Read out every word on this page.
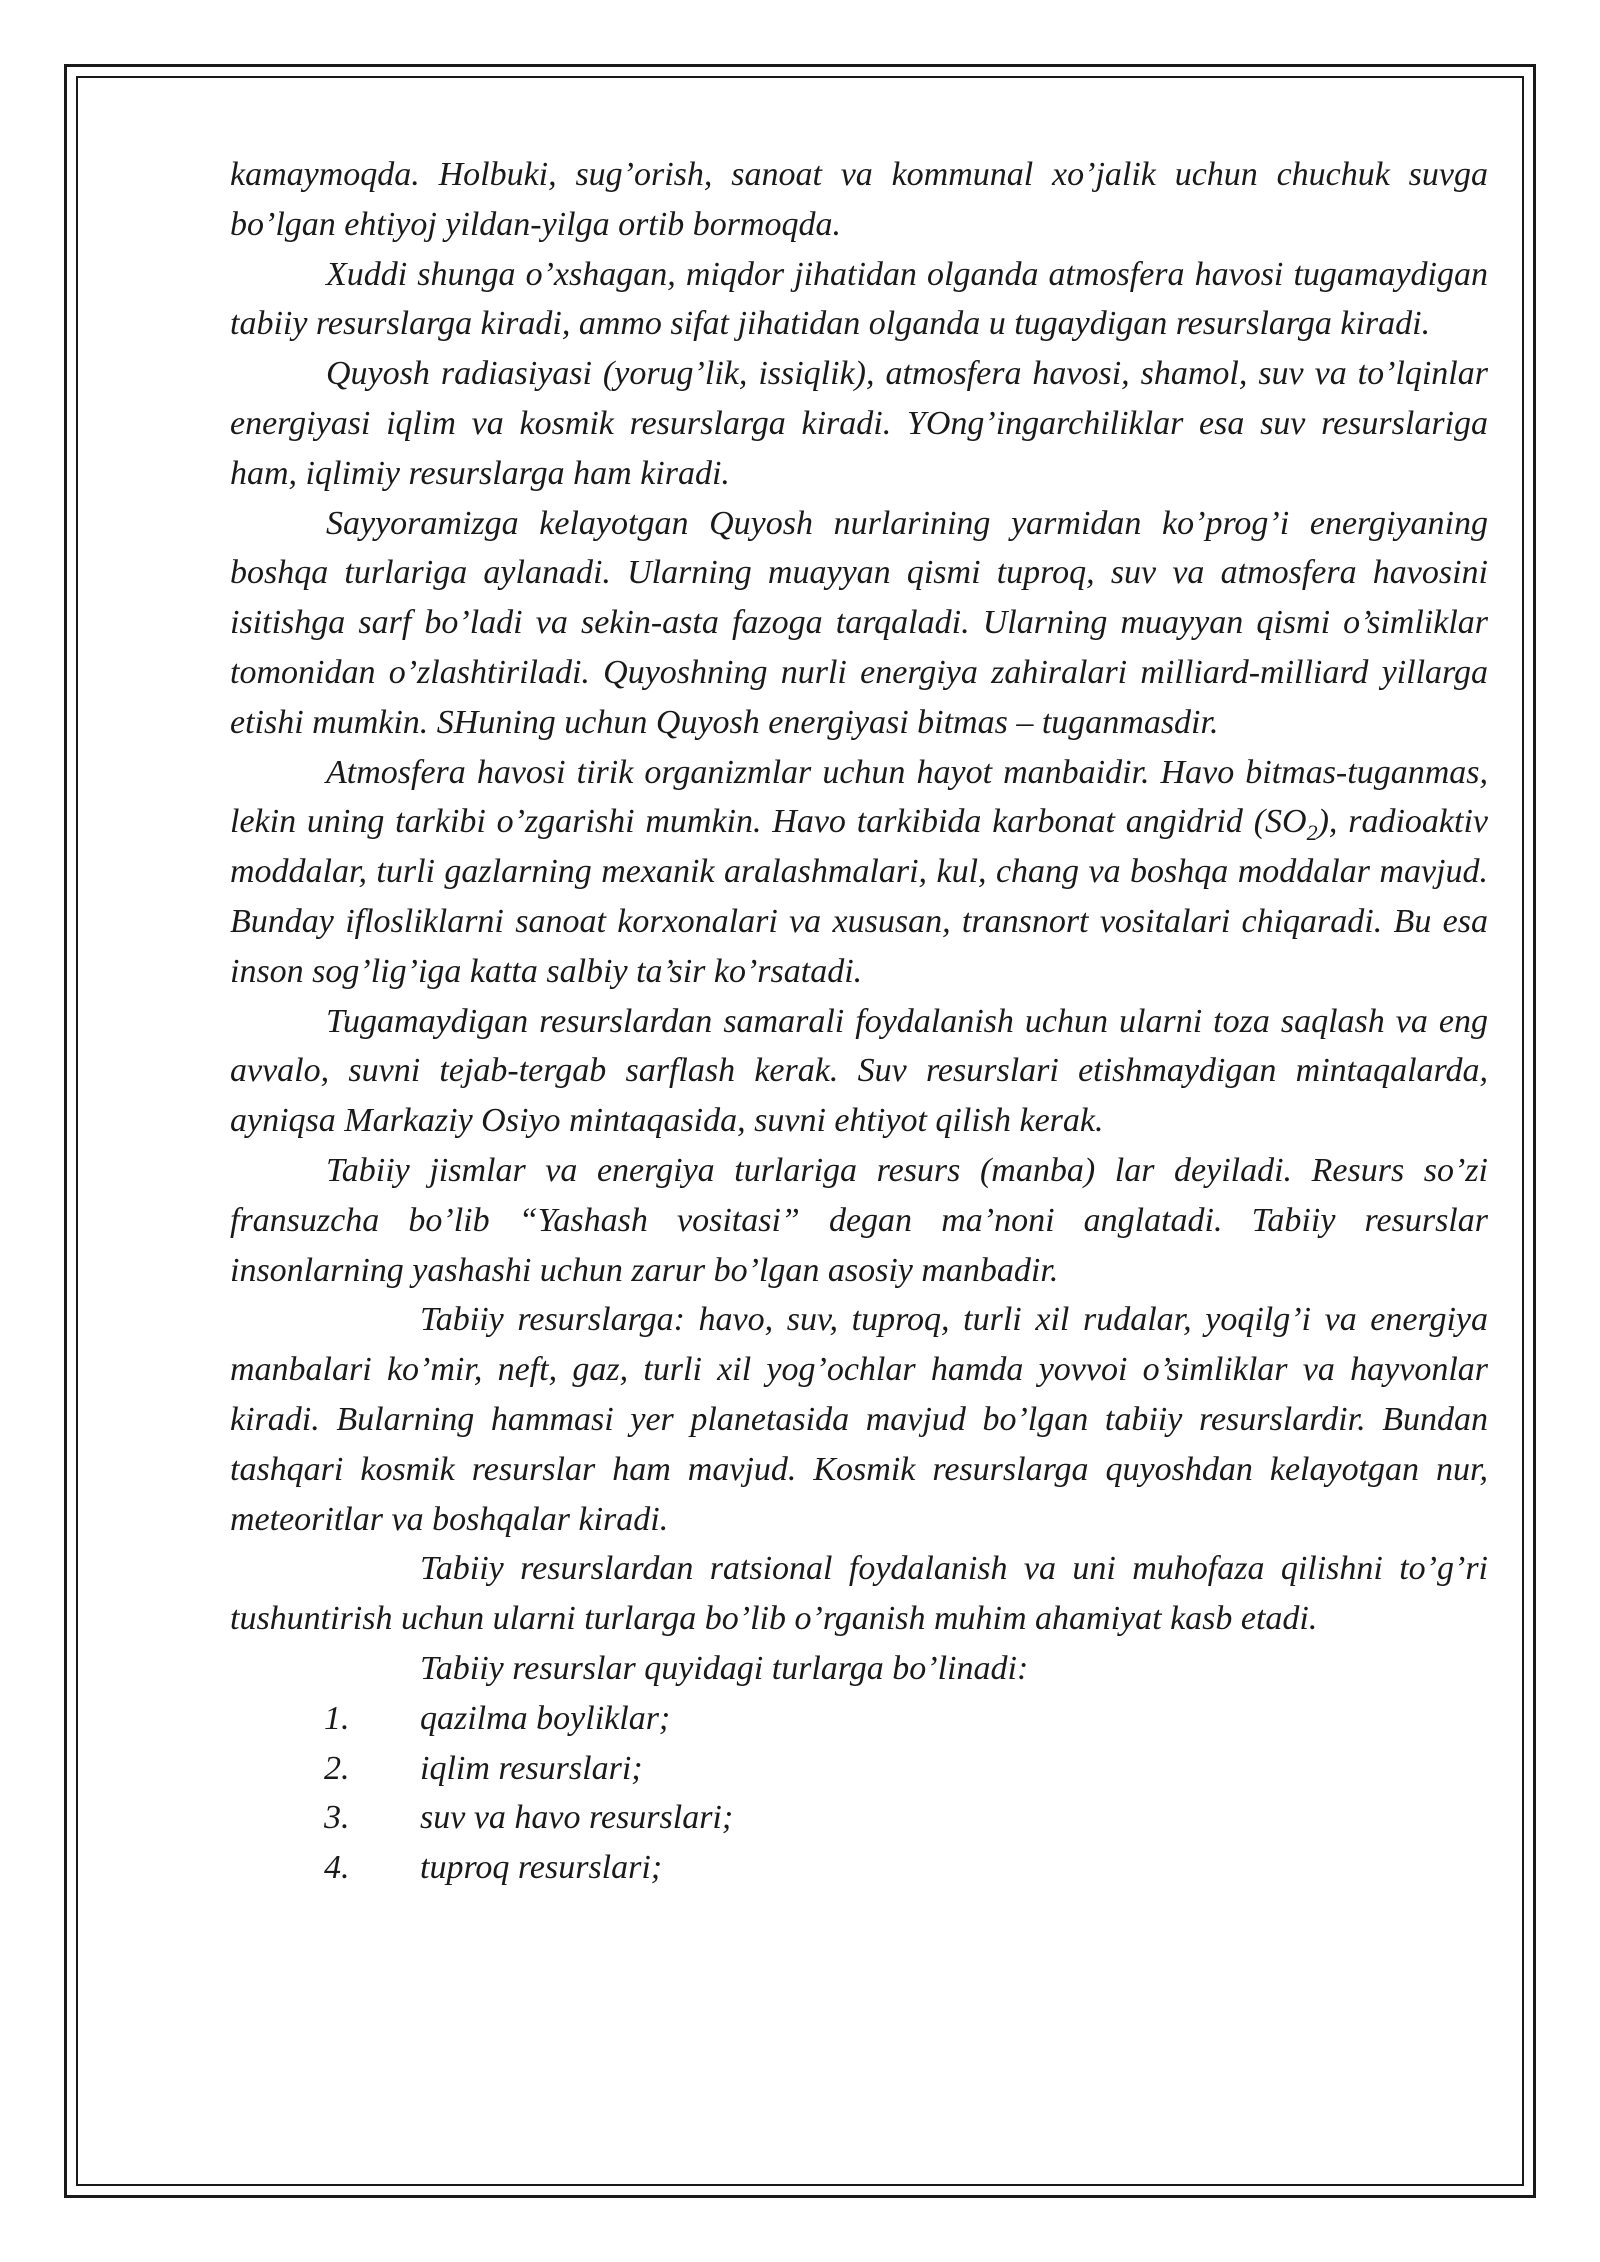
kamaymoqda. Holbuki, sug’orish, sanoat va kommunal xo’jalik uchun chuchuk suvga bo’lgan ehtiyoj yildan-yilga ortib bormoqda.

Xuddi shunga o’xshagan, miqdor jihatidan olganda atmosfera havosi tugamaydigan tabiiy resurslarga kiradi, ammo sifat jihatidan olganda u tugaydigan resurslarga kiradi.

Quyosh radiasiyasi (yorug’lik, issiqlik), atmosfera havosi, shamol, suv va to’lqinlar energiyasi iqlim va kosmik resurslarga kiradi. YOng’ingarchiliklar esa suv resurslariga ham, iqlimiy resurslarga ham kiradi.

Sayyoramizga kelayotgan Quyosh nurlarining yarmidan ko’prog’i energiyaning boshqa turlariga aylanadi. Ularning muayyan qismi tuproq, suv va atmosfera havosini isitishga sarf bo’ladi va sekin-asta fazoga tarqaladi. Ularning muayyan qismi o’simliklar tomonidan o’zlashtiriladi. Quyoshning nurli energiya zahiralari milliard-milliard yillarga etishi mumkin. SHuning uchun Quyosh energiyasi bitmas – tuganmasdir.

Atmosfera havosi tirik organizmlar uchun hayot manbaidir. Havo bitmas-tuganmas, lekin uning tarkibi o’zgarishi mumkin. Havo tarkibida karbonat angidrid $(SO_2)$, radioaktiv moddalar, turli gazlarning mexanik aralashmalari, kul, chang va boshqa moddalar mavjud. Bunday iflosliklarni sanoat korxonalari va xususan, transnort vositalari chiqaradi. Bu esa inson sog’lig’iga katta salbiy ta’sir ko’rsatadi.

Tugamaydigan resurslardan samarali foydalanish uchun ularni toza saqlash va eng avvalo, suvni tejab-tergab sarflash kerak. Suv resurslari etishmaydigan mintaqalarda, ayniqsa Markaziy Osiyo mintaqasida, suvni ehtiyot qilish kerak.

Tabiiy jismlar va energiya turlariga resurs (manba) lar deyiladi. Resurs so’zi fransuzcha bo’lib “Yashash vositasi” degan ma’noni anglatadi. Tabiiy resurslar insonlarning yashashi uchun zarur bo’lgan asosiy manbadir.

Tabiiy resurslarga: havo, suv, tuproq, turli xil rudalar, yoqilg’i va energiya manbalari ko’mir, neft, gaz, turli xil yog’ochlar hamda yovvoi o’simliklar va hayvonlar kiradi. Bularning hammasi yer planetasida mavjud bo’lgan tabiiy resurslardir. Bundan tashqari kosmik resurslar ham mavjud. Kosmik resurslarga quyoshdan kelayotgan nur, meteoritlar va boshqalar kiradi.

Tabiiy resurslardan ratsional foydalanish va uni muhofaza qilishni to’g’ri tushuntirish uchun ularni turlarga bo’lib o’rganish muhim ahamiyat kasb etadi.

Tabiiy resurslar quyidagi turlarga bo’linadi:

1.	qazilma boyliklar;
2.	iqlim resurslari;
3.	suv va havo resurslari;
4.	tuproq resurslari;
